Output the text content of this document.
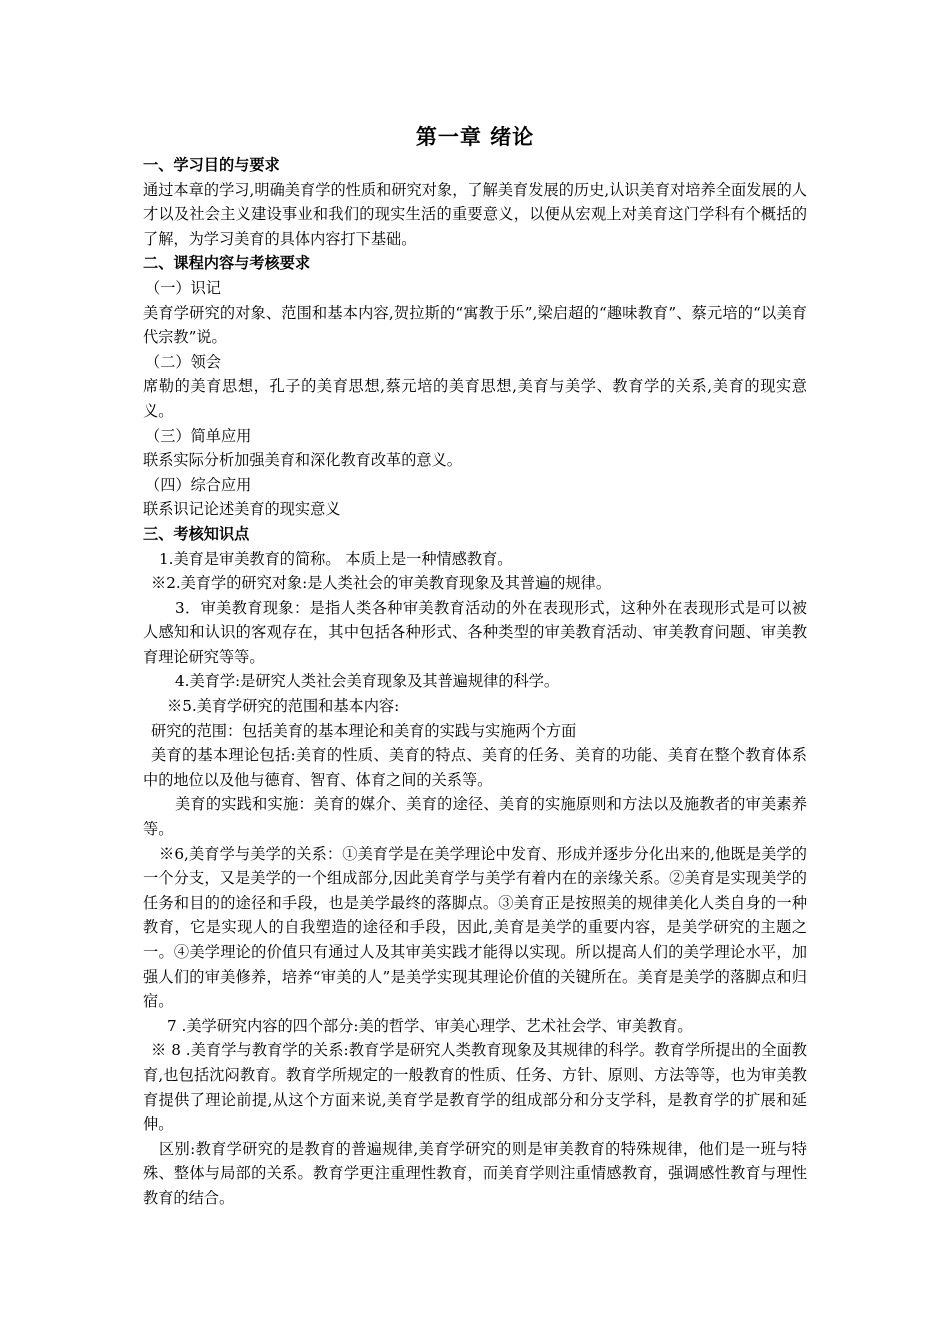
第一章 绪论

一、学习目的与要求

通过本章的学习,明确美育学的性质和研究对象，了解美育发展的历史,认识美育对培养全面发展的人才以及社会主义建设事业和我们的现实生活的重要意义，以便从宏观上对美育这门学科有个概括的了解，为学习美育的具体内容打下基础。

二、课程内容与考核要求

（一）识记

美育学研究的对象、范围和基本内容,贺拉斯的“寓教于乐”,梁启超的“趣味教育”、蔡元培的“以美育代宗教”说。

（二）领会

席勒的美育思想，孔子的美育思想,蔡元培的美育思想,美育与美学、教育学的关系,美育的现实意义。

（三）简单应用

联系实际分析加强美育和深化教育改革的意义。

（四）综合应用

联系识记论述美育的现实意义

三、考核知识点

1.美育是审美教育的简称。 本质上是一种情感教育。

※2.美育学的研究对象:是人类社会的审美教育现象及其普遍的规律。

3．审美教育现象：是指人类各种审美教育活动的外在表现形式，这种外在表现形式是可以被人感知和认识的客观存在，其中包括各种形式、各种类型的审美教育活动、审美教育问题、审美教育理论研究等等。

4.美育学:是研究人类社会美育现象及其普遍规律的科学。

※5.美育学研究的范围和基本内容:

研究的范围：包括美育的基本理论和美育的实践与实施两个方面

美育的基本理论包括:美育的性质、美育的特点、美育的任务、美育的功能、美育在整个教育体系中的地位以及他与德育、智育、体育之间的关系等。

美育的实践和实施：美育的媒介、美育的途径、美育的实施原则和方法以及施教者的审美素养等。

※6,美育学与美学的关系：①美育学是在美学理论中发育、形成并逐步分化出来的,他既是美学的一个分支，又是美学的一个组成部分,因此美育学与美学有着内在的亲缘关系。②美育是实现美学的任务和目的的途径和手段，也是美学最终的落脚点。③美育正是按照美的规律美化人类自身的一种教育，它是实现人的自我塑造的途径和手段，因此,美育是美学的重要内容，是美学研究的主题之一。④美学理论的价值只有通过人及其审美实践才能得以实现。所以提高人们的美学理论水平，加强人们的审美修养，培养“审美的人”是美学实现其理论价值的关键所在。美育是美学的落脚点和归宿。

7 .美学研究内容的四个部分:美的哲学、审美心理学、艺术社会学、审美教育。

※ 8 .美育学与教育学的关系:教育学是研究人类教育现象及其规律的科学。教育学所提出的全面教育,也包括沈闷教育。教育学所规定的一般教育的性质、任务、方针、原则、方法等等，也为审美教育提供了理论前提,从这个方面来说,美育学是教育学的组成部分和分支学科，是教育学的扩展和延伸。

区别:教育学研究的是教育的普遍规律,美育学研究的则是审美教育的特殊规律，他们是一班与特殊、整体与局部的关系。教育学更注重理性教育，而美育学则注重情感教育，强调感性教育与理性教育的结合。
